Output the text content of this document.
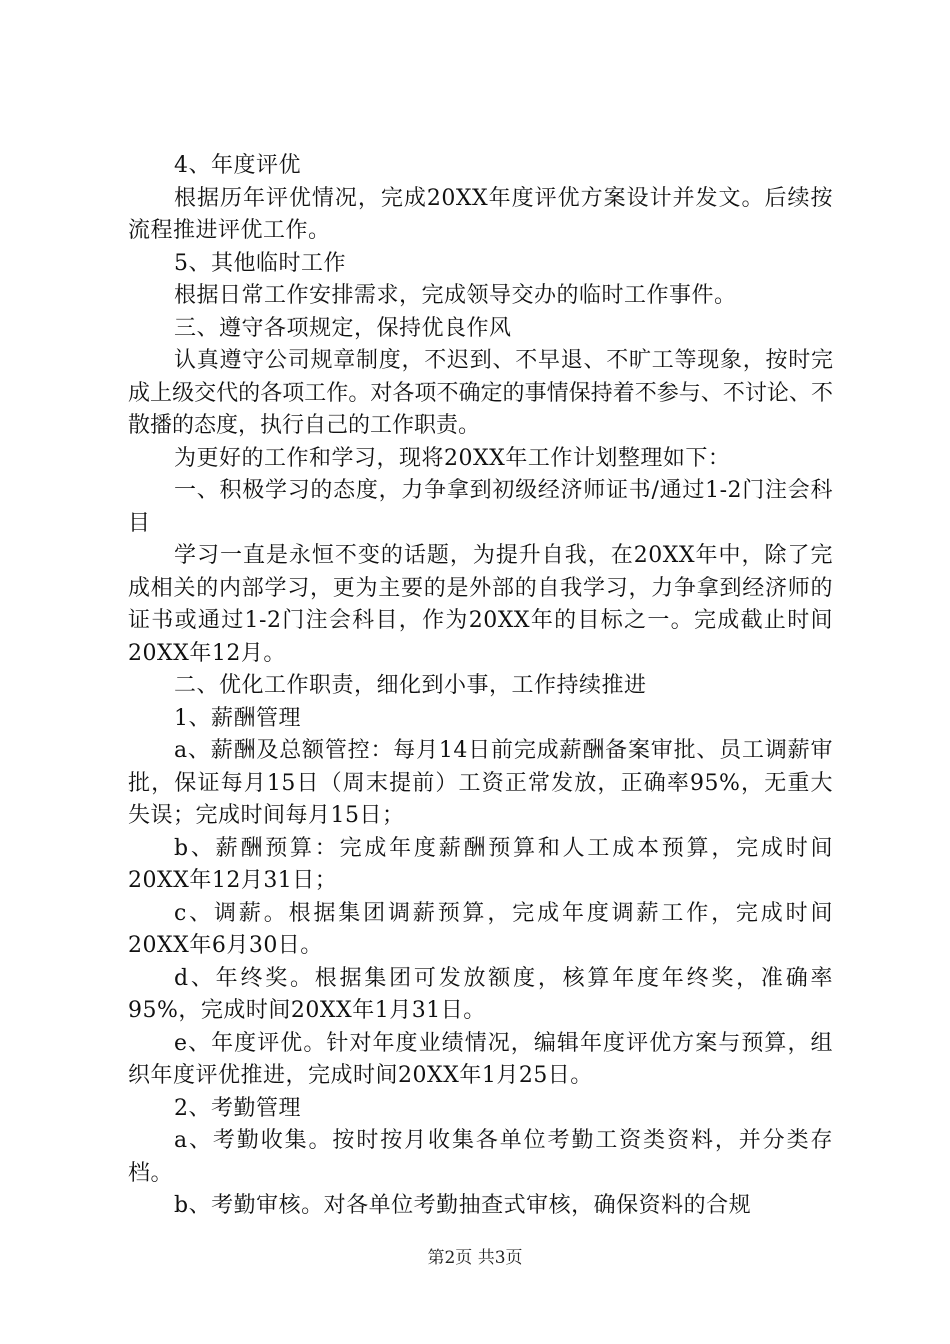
4、年度评优

根据历年评优情况，完成20XX年度评优方案设计并发文。后续按流程推进评优工作。

5、其他临时工作

根据日常工作安排需求，完成领导交办的临时工作事件。

三、遵守各项规定，保持优良作风

认真遵守公司规章制度，不迟到、不早退、不旷工等现象，按时完成上级交代的各项工作。对各项不确定的事情保持着不参与、不讨论、不散播的态度，执行自己的工作职责。

为更好的工作和学习，现将20XX年工作计划整理如下：

一、积极学习的态度，力争拿到初级经济师证书/通过1-2门注会科目

学习一直是永恒不变的话题，为提升自我，在20XX年中，除了完成相关的内部学习，更为主要的是外部的自我学习，力争拿到经济师的证书或通过1-2门注会科目，作为20XX年的目标之一。完成截止时间20XX年12月。

二、优化工作职责，细化到小事，工作持续推进

1、薪酬管理

a、薪酬及总额管控：每月14日前完成薪酬备案审批、员工调薪审批，保证每月15日（周末提前）工资正常发放，正确率95%，无重大失误；完成时间每月15日；

b、薪酬预算：完成年度薪酬预算和人工成本预算，完成时间20XX年12月31日；

c、调薪。根据集团调薪预算，完成年度调薪工作，完成时间20XX年6月30日。

d、年终奖。根据集团可发放额度，核算年度年终奖，准确率95%，完成时间20XX年1月31日。

e、年度评优。针对年度业绩情况，编辑年度评优方案与预算，组织年度评优推进，完成时间20XX年1月25日。

2、考勤管理

a、考勤收集。按时按月收集各单位考勤工资类资料，并分类存档。

b、考勤审核。对各单位考勤抽查式审核，确保资料的合规

第2页 共3页
